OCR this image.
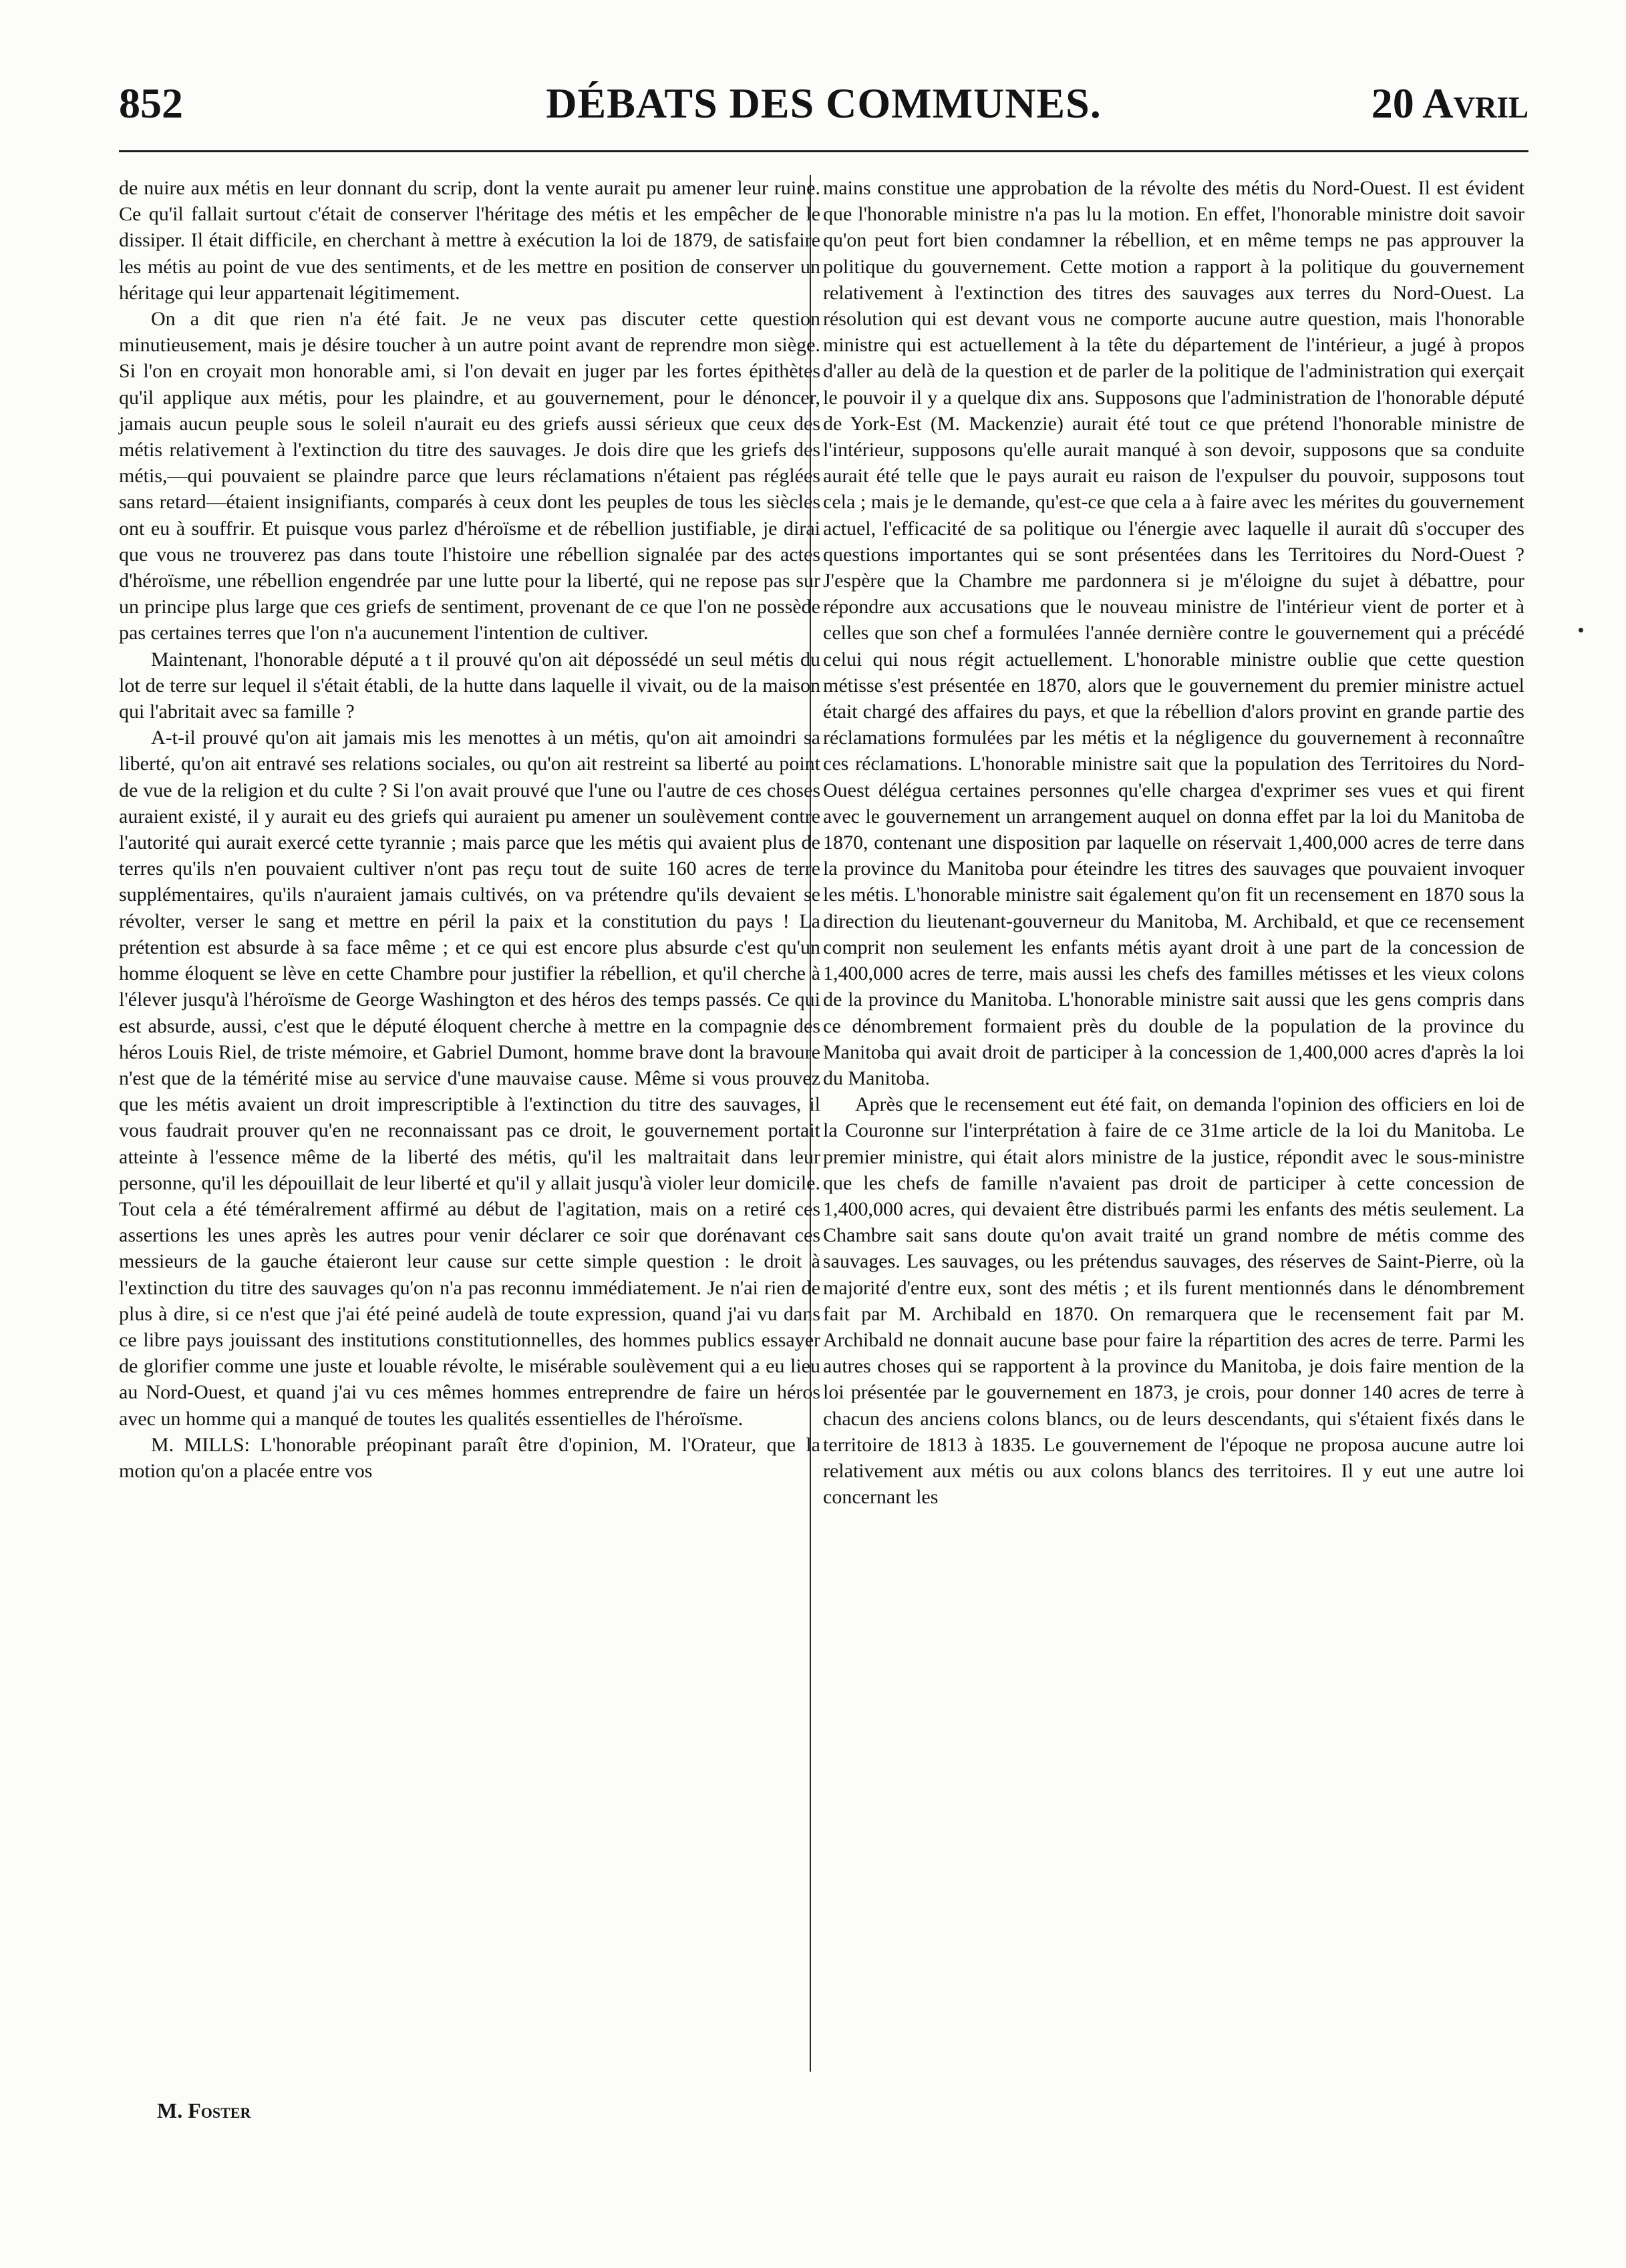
852	DÉBATS DES COMMUNES.	20 Avril

de nuire aux métis en leur donnant du scrip, dont la vente aurait pu amener leur ruine. Ce qu'il fallait surtout c'était de conserver l'héritage des métis et les empêcher de le dissiper. Il était difficile, en cherchant à mettre à exécution la loi de 1879, de satisfaire les métis au point de vue des sentiments, et de les mettre en position de conserver un héritage qui leur appartenait légitimement.

On a dit que rien n'a été fait. Je ne veux pas discuter cette question minutieusement, mais je désire toucher à un autre point avant de reprendre mon siège. Si l'on en croyait mon honorable ami, si l'on devait en juger par les fortes épithètes qu'il applique aux métis, pour les plaindre, et au gouvernement, pour le dénoncer, jamais aucun peuple sous le soleil n'aurait eu des griefs aussi sérieux que ceux des métis relativement à l'extinction du titre des sauvages. Je dois dire que les griefs des métis,—qui pouvaient se plaindre parce que leurs réclamations n'étaient pas réglées sans retard—étaient insignifiants, comparés à ceux dont les peuples de tous les siècles ont eu à souffrir. Et puisque vous parlez d'héroïsme et de rébellion justifiable, je dirai que vous ne trouverez pas dans toute l'histoire une rébellion signalée par des actes d'héroïsme, une rébellion engendrée par une lutte pour la liberté, qui ne repose pas sur un principe plus large que ces griefs de sentiment, provenant de ce que l'on ne possède pas certaines terres que l'on n'a aucunement l'intention de cultiver.

Maintenant, l'honorable député a t il prouvé qu'on ait dépossédé un seul métis du lot de terre sur lequel il s'était établi, de la hutte dans laquelle il vivait, ou de la maison qui l'abritait avec sa famille ?

A-t-il prouvé qu'on ait jamais mis les menottes à un métis, qu'on ait amoindri sa liberté, qu'on ait entravé ses relations sociales, ou qu'on ait restreint sa liberté au point de vue de la religion et du culte ? Si l'on avait prouvé que l'une ou l'autre de ces choses auraient existé, il y aurait eu des griefs qui auraient pu amener un soulèvement contre l'autorité qui aurait exercé cette tyrannie ; mais parce que les métis qui avaient plus de terres qu'ils n'en pouvaient cultiver n'ont pas reçu tout de suite 160 acres de terre supplémentaires, qu'ils n'auraient jamais cultivés, on va prétendre qu'ils devaient se révolter, verser le sang et mettre en péril la paix et la constitution du pays ! La prétention est absurde à sa face même ; et ce qui est encore plus absurde c'est qu'un homme éloquent se lève en cette Chambre pour justifier la rébellion, et qu'il cherche à l'élever jusqu'à l'héroïsme de George Washington et des héros des temps passés. Ce qui est absurde, aussi, c'est que le député éloquent cherche à mettre en la compagnie des héros Louis Riel, de triste mémoire, et Gabriel Dumont, homme brave dont la bravoure n'est que de la témérité mise au service d'une mauvaise cause. Même si vous prouvez que les métis avaient un droit imprescriptible à l'extinction du titre des sauvages, il vous faudrait prouver qu'en ne reconnaissant pas ce droit, le gouvernement portait atteinte à l'essence même de la liberté des métis, qu'il les maltraitait dans leur personne, qu'il les dépouillait de leur liberté et qu'il y allait jusqu'à violer leur domicile. Tout cela a été téméralrement affirmé au début de l'agitation, mais on a retiré ces assertions les unes après les autres pour venir déclarer ce soir que dorénavant ces messieurs de la gauche étaieront leur cause sur cette simple question : le droit à l'extinction du titre des sauvages qu'on n'a pas reconnu immédiatement. Je n'ai rien de plus à dire, si ce n'est que j'ai été peiné audelà de toute expression, quand j'ai vu dans ce libre pays jouissant des institutions constitutionnelles, des hommes publics essayer de glorifier comme une juste et louable révolte, le misérable soulèvement qui a eu lieu au Nord-Ouest, et quand j'ai vu ces mêmes hommes entreprendre de faire un héros avec un homme qui a manqué de toutes les qualités essentielles de l'héroïsme.

M. MILLS: L'honorable préopinant paraît être d'opinion, M. l'Orateur, que la motion qu'on a placée entre vos

mains constitue une approbation de la révolte des métis du Nord-Ouest. Il est évident que l'honorable ministre n'a pas lu la motion. En effet, l'honorable ministre doit savoir qu'on peut fort bien condamner la rébellion, et en même temps ne pas approuver la politique du gouvernement. Cette motion a rapport à la politique du gouvernement relativement à l'extinction des titres des sauvages aux terres du Nord-Ouest. La résolution qui est devant vous ne comporte aucune autre question, mais l'honorable ministre qui est actuellement à la tête du département de l'intérieur, a jugé à propos d'aller au delà de la question et de parler de la politique de l'administration qui exerçait le pouvoir il y a quelque dix ans. Supposons que l'administration de l'honorable député de York-Est (M. Mackenzie) aurait été tout ce que prétend l'honorable ministre de l'intérieur, supposons qu'elle aurait manqué à son devoir, supposons que sa conduite aurait été telle que le pays aurait eu raison de l'expulser du pouvoir, supposons tout cela ; mais je le demande, qu'est-ce que cela a à faire avec les mérites du gouvernement actuel, l'efficacité de sa politique ou l'énergie avec laquelle il aurait dû s'occuper des questions importantes qui se sont présentées dans les Territoires du Nord-Ouest ? J'espère que la Chambre me pardonnera si je m'éloigne du sujet à débattre, pour répondre aux accusations que le nouveau ministre de l'intérieur vient de porter et à celles que son chef a formulées l'année dernière contre le gouvernement qui a précédé celui qui nous régit actuellement. L'honorable ministre oublie que cette question métisse s'est présentée en 1870, alors que le gouvernement du premier ministre actuel était chargé des affaires du pays, et que la rébellion d'alors provint en grande partie des réclamations formulées par les métis et la négligence du gouvernement à reconnaître ces réclamations. L'honorable ministre sait que la population des Territoires du Nord-Ouest délégua certaines personnes qu'elle chargea d'exprimer ses vues et qui firent avec le gouvernement un arrangement auquel on donna effet par la loi du Manitoba de 1870, contenant une disposition par laquelle on réservait 1,400,000 acres de terre dans la province du Manitoba pour éteindre les titres des sauvages que pouvaient invoquer les métis. L'honorable ministre sait également qu'on fit un recensement en 1870 sous la direction du lieutenant-gouverneur du Manitoba, M. Archibald, et que ce recensement comprit non seulement les enfants métis ayant droit à une part de la concession de 1,400,000 acres de terre, mais aussi les chefs des familles métisses et les vieux colons de la province du Manitoba. L'honorable ministre sait aussi que les gens compris dans ce dénombrement formaient près du double de la population de la province du Manitoba qui avait droit de participer à la concession de 1,400,000 acres d'après la loi du Manitoba.

Après que le recensement eut été fait, on demanda l'opinion des officiers en loi de la Couronne sur l'interprétation à faire de ce 31me article de la loi du Manitoba. Le premier ministre, qui était alors ministre de la justice, répondit avec le sous-ministre que les chefs de famille n'avaient pas droit de participer à cette concession de 1,400,000 acres, qui devaient être distribués parmi les enfants des métis seulement. La Chambre sait sans doute qu'on avait traité un grand nombre de métis comme des sauvages. Les sauvages, ou les prétendus sauvages, des réserves de Saint-Pierre, où la majorité d'entre eux, sont des métis ; et ils furent mentionnés dans le dénombrement fait par M. Archibald en 1870. On remarquera que le recensement fait par M. Archibald ne donnait aucune base pour faire la répartition des acres de terre. Parmi les autres choses qui se rapportent à la province du Manitoba, je dois faire mention de la loi présentée par le gouvernement en 1873, je crois, pour donner 140 acres de terre à chacun des anciens colons blancs, ou de leurs descendants, qui s'étaient fixés dans le territoire de 1813 à 1835. Le gouvernement de l'époque ne proposa aucune autre loi relativement aux métis ou aux colons blancs des territoires. Il y eut une autre loi concernant les

M. Foster
